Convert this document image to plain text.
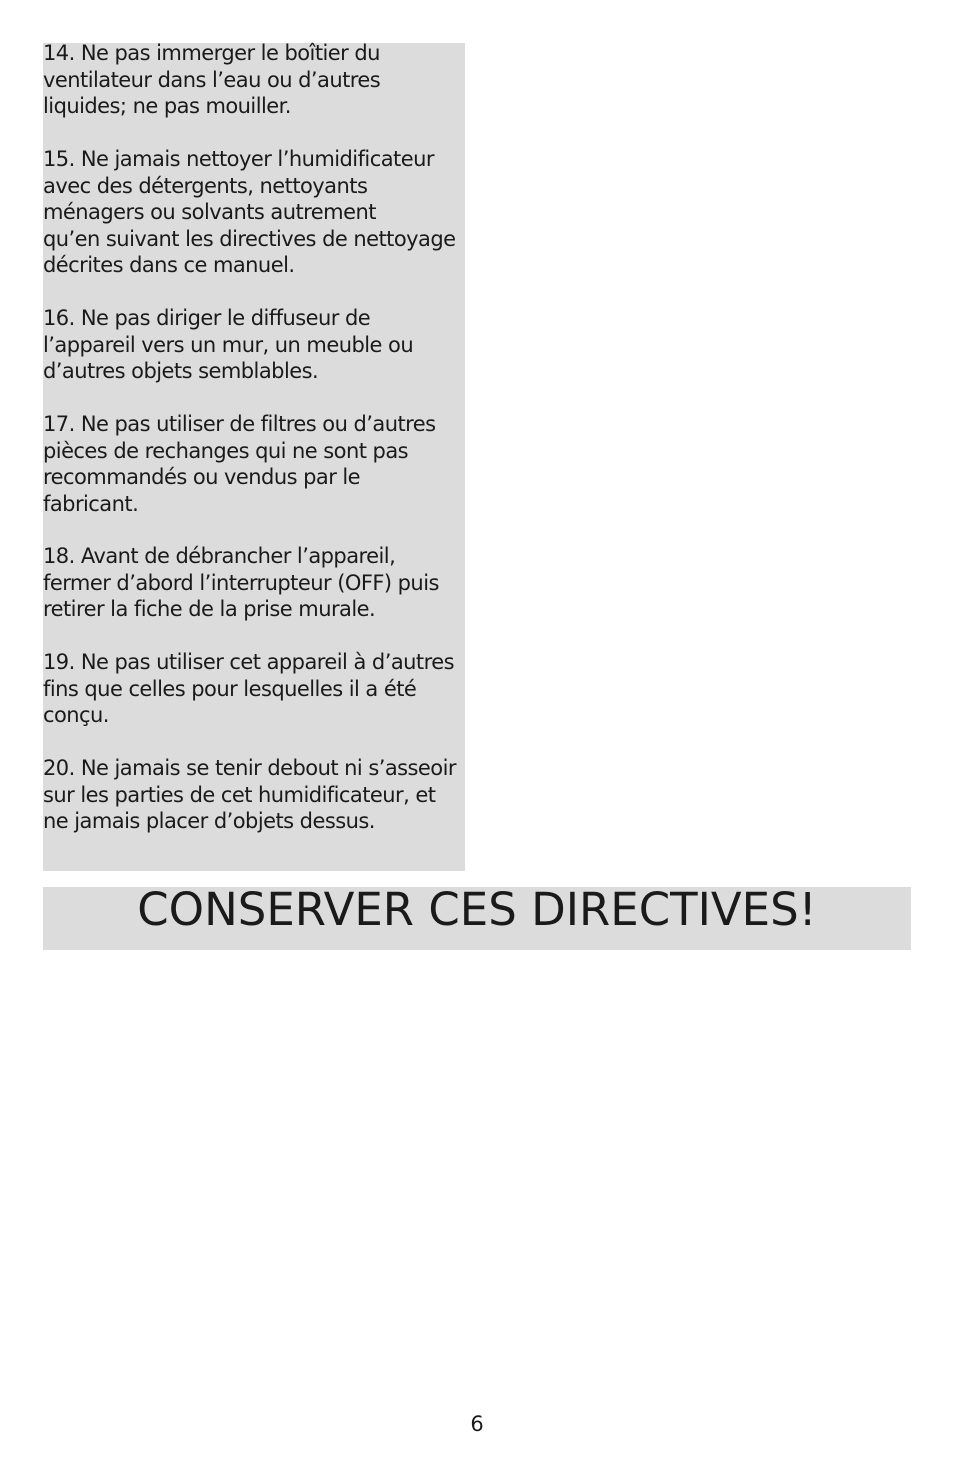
14. Ne pas immerger le boîtier du
ventilateur dans l’eau ou d’autres
liquides; ne pas mouiller.

15. Ne jamais nettoyer l’humidificateur
avec des détergents, nettoyants
ménagers ou solvants autrement
qu’en suivant les directives de nettoyage
décrites dans ce manuel.

16. Ne pas diriger le diffuseur de
l’appareil vers un mur, un meuble ou
d’autres objets semblables.

17. Ne pas utiliser de filtres ou d’autres
pièces de rechanges qui ne sont pas
recommandés ou vendus par le
fabricant.

18. Avant de débrancher l’appareil,
fermer d’abord l’interrupteur (OFF) puis
retirer la fiche de la prise murale.

19. Ne pas utiliser cet appareil à d’autres
fins que celles pour lesquelles il a été
conçu.

20. Ne jamais se tenir debout ni s’asseoir
sur les parties de cet humidificateur, et
ne jamais placer d’objets dessus.

CONSERVER CES DIRECTIVES!
6
